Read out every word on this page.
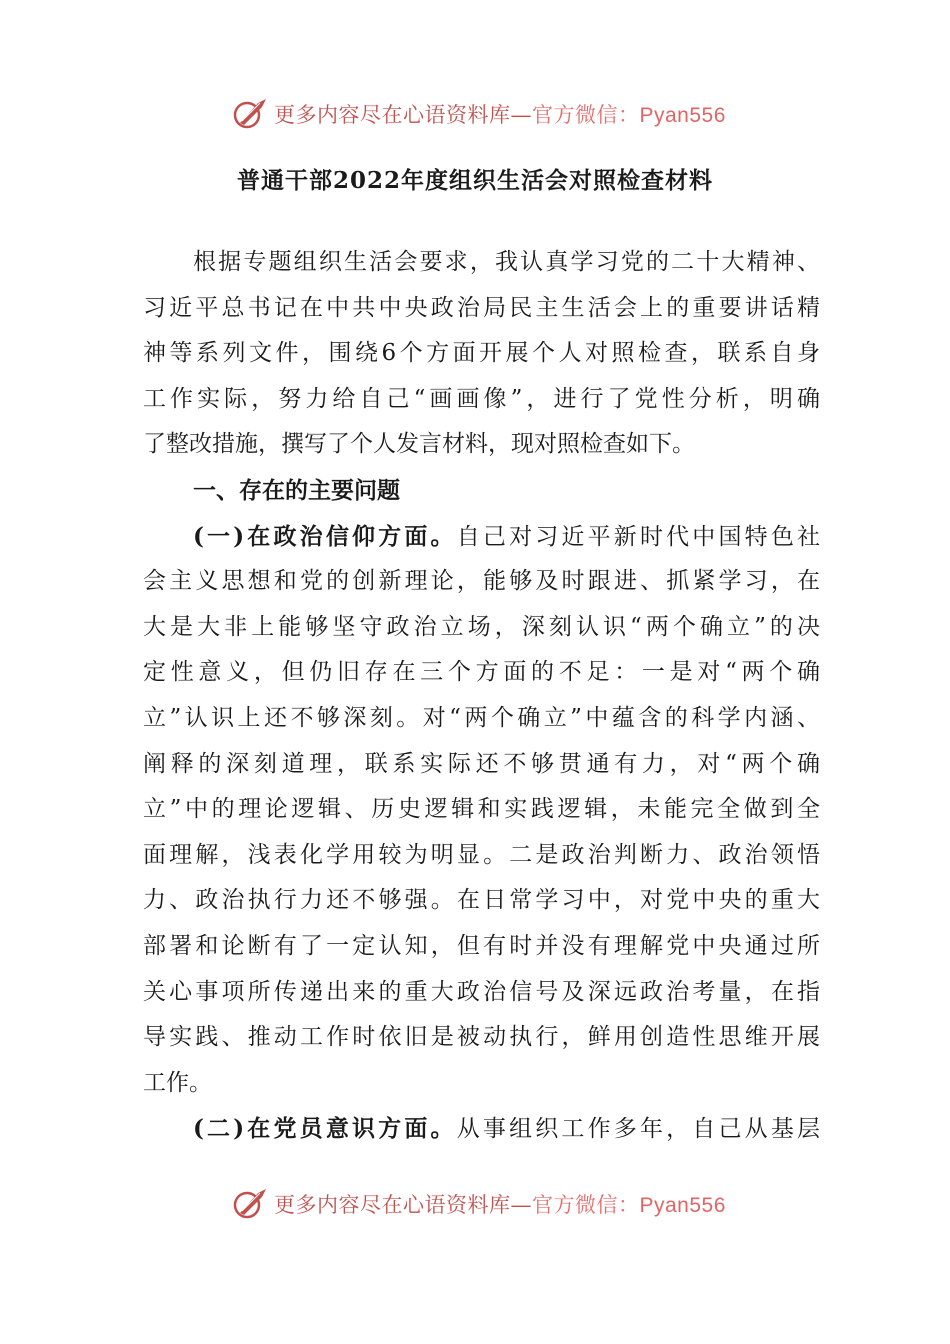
更多内容尽在心语资料库—官方微信：Pyan556
普通干部2022年度组织生活会对照检查材料
根据专题组织生活会要求，我认真学习党的二十大精神、
习近平总书记在中共中央政治局民主生活会上的重要讲话精
神等系列文件，围绕6个方面开展个人对照检查，联系自身
工作实际，努力给自己“画画像”，进行了党性分析，明确
了整改措施，撰写了个人发言材料，现对照检查如下。
一、存在的主要问题
(一)在政治信仰方面。自己对习近平新时代中国特色社
会主义思想和党的创新理论，能够及时跟进、抓紧学习，在
大是大非上能够坚守政治立场，深刻认识“两个确立”的决
定性意义，但仍旧存在三个方面的不足：一是对“两个确
立”认识上还不够深刻。对“两个确立”中蕴含的科学内涵、
阐释的深刻道理，联系实际还不够贯通有力，对“两个确
立”中的理论逻辑、历史逻辑和实践逻辑，未能完全做到全
面理解，浅表化学用较为明显。二是政治判断力、政治领悟
力、政治执行力还不够强。在日常学习中，对党中央的重大
部署和论断有了一定认知，但有时并没有理解党中央通过所
关心事项所传递出来的重大政治信号及深远政治考量，在指
导实践、推动工作时依旧是被动执行，鲜用创造性思维开展
工作。
(二)在党员意识方面。从事组织工作多年，自己从基层
更多内容尽在心语资料库—官方微信：Pyan556
